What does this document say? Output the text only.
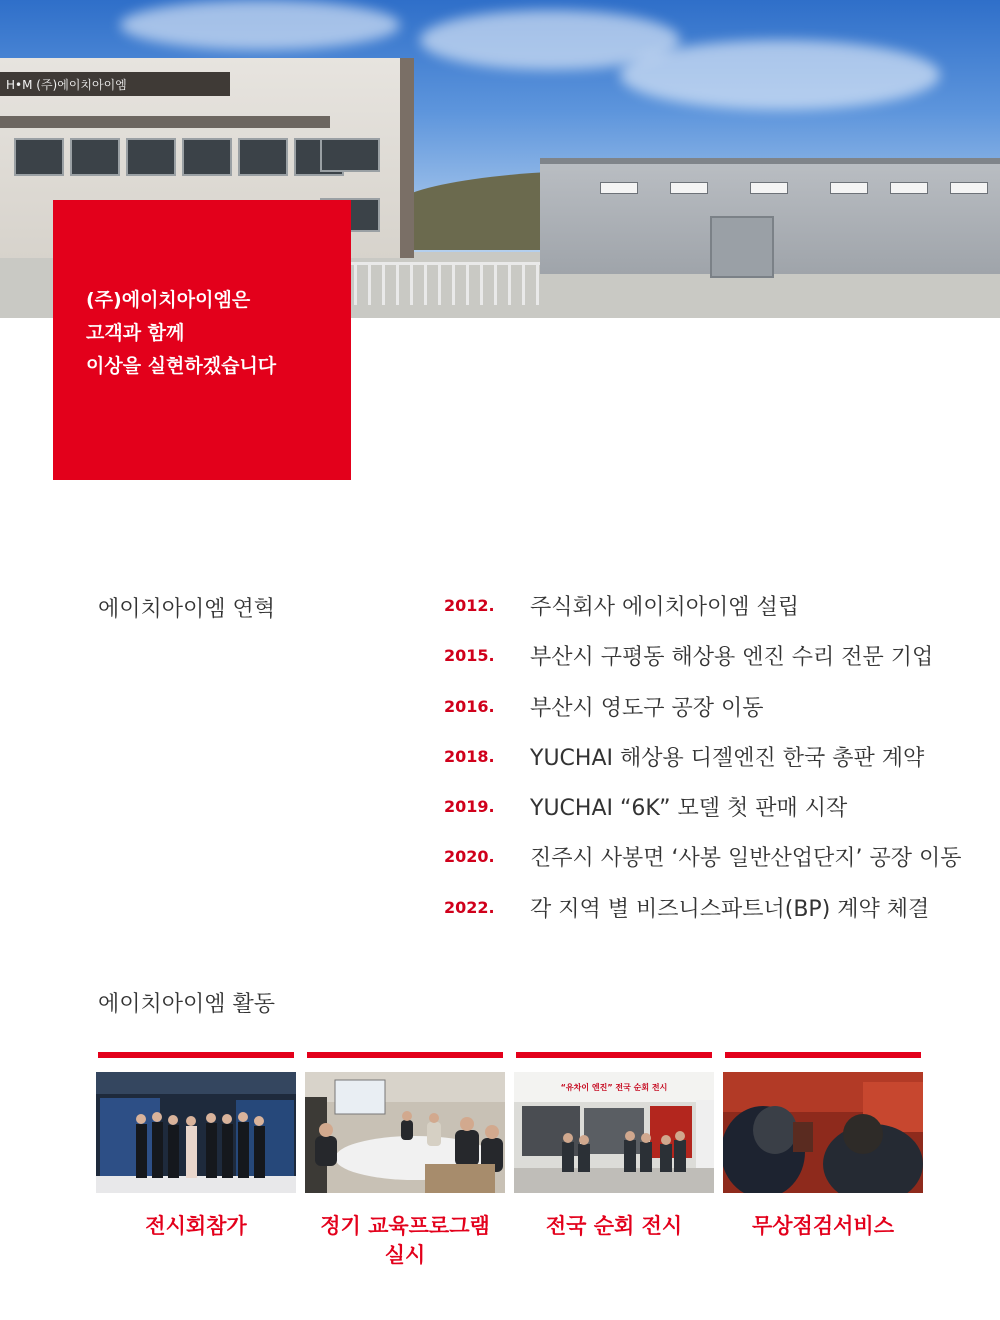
H•M (주)에이치아이엠

(주)에이치아이엠은
고객과 함께
이상을 실현하겠습니다

에이치아이엠 연혁	2012. 주식회사 에이치아이엠 설립
2015. 부산시 구평동 해상용 엔진 수리 전문 기업
2016. 부산시 영도구 공장 이동
2018. YUCHAI 해상용 디젤엔진 한국 총판 계약
2019. YUCHAI “6K” 모델 첫 판매 시작
2020. 진주시 사봉면 ‘사봉 일반산업단지’ 공장 이동
2022. 각 지역 별 비즈니스파트너(BP) 계약 체결
에이치아이엠 활동
전시회참가	정기 교육프로그램
실시
“유차이 엔진” 전국 순회 전시
전국 순회 전시	무상점검서비스
